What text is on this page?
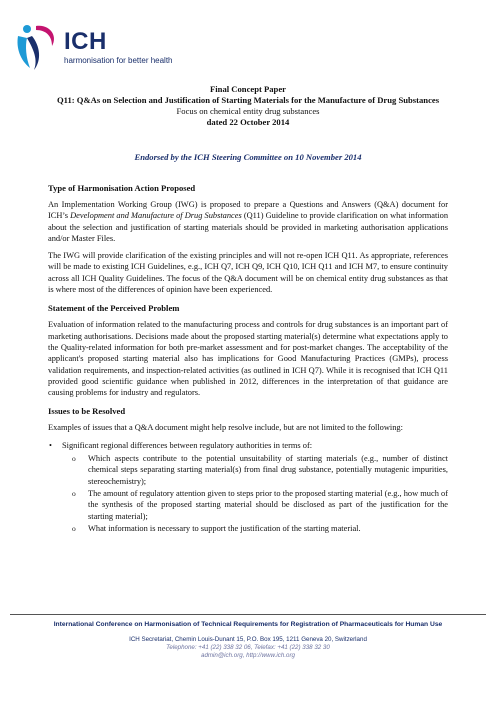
ICH
harmonisation for better health
Final Concept Paper
Q11: Q&As on Selection and Justification of Starting Materials for the Manufacture of Drug Substances
Focus on chemical entity drug substances
dated 22 October 2014
Endorsed by the ICH Steering Committee on 10 November 2014
Type of Harmonisation Action Proposed

An Implementation Working Group (IWG) is proposed to prepare a Questions and Answers (Q&A) document for ICH’s Development and Manufacture of Drug Substances (Q11) Guideline to provide clarification on what information about the selection and justification of starting materials should be provided in marketing authorisation applications and/or Master Files.

The IWG will provide clarification of the existing principles and will not re-open ICH Q11. As appropriate, references will be made to existing ICH Guidelines, e.g., ICH Q7, ICH Q9, ICH Q10, ICH Q11 and ICH M7, to ensure continuity across all ICH Quality Guidelines. The focus of the Q&A document will be on chemical entity drug substances as that is where most of the differences of opinion have been experienced.

Statement of the Perceived Problem

Evaluation of information related to the manufacturing process and controls for drug substances is an important part of marketing authorisations. Decisions made about the proposed starting material(s) determine what expectations apply to the Quality-related information for both pre-market assessment and for post-market changes. The acceptability of the applicant's proposed starting material also has implications for Good Manufacturing Practices (GMPs), process validation requirements, and inspection-related activities (as outlined in ICH Q7). While it is recognised that ICH Q11 provided good scientific guidance when published in 2012, differences in the interpretation of that guidance are causing problems for industry and regulators.

Issues to be Resolved

Examples of issues that a Q&A document might help resolve include, but are not limited to the following:

• Significant regional differences between regulatory authorities in terms of:
o Which aspects contribute to the potential unsuitability of starting materials (e.g., number of distinct chemical steps separating starting material(s) from final drug substance, potentially mutagenic impurities, stereochemistry);
o The amount of regulatory attention given to steps prior to the proposed starting material (e.g., how much of the synthesis of the proposed starting material should be disclosed as part of the justification for the starting material);
o What information is necessary to support the justification of the starting material.
International Conference on Harmonisation of Technical Requirements for Registration of Pharmaceuticals for Human Use
ICH Secretariat, Chemin Louis-Dunant 15, P.O. Box 195, 1211 Geneva 20, Switzerland
Telephone: +41 (22) 338 32 06, Telefax: +41 (22) 338 32 30
admin@ich.org, http://www.ich.org
